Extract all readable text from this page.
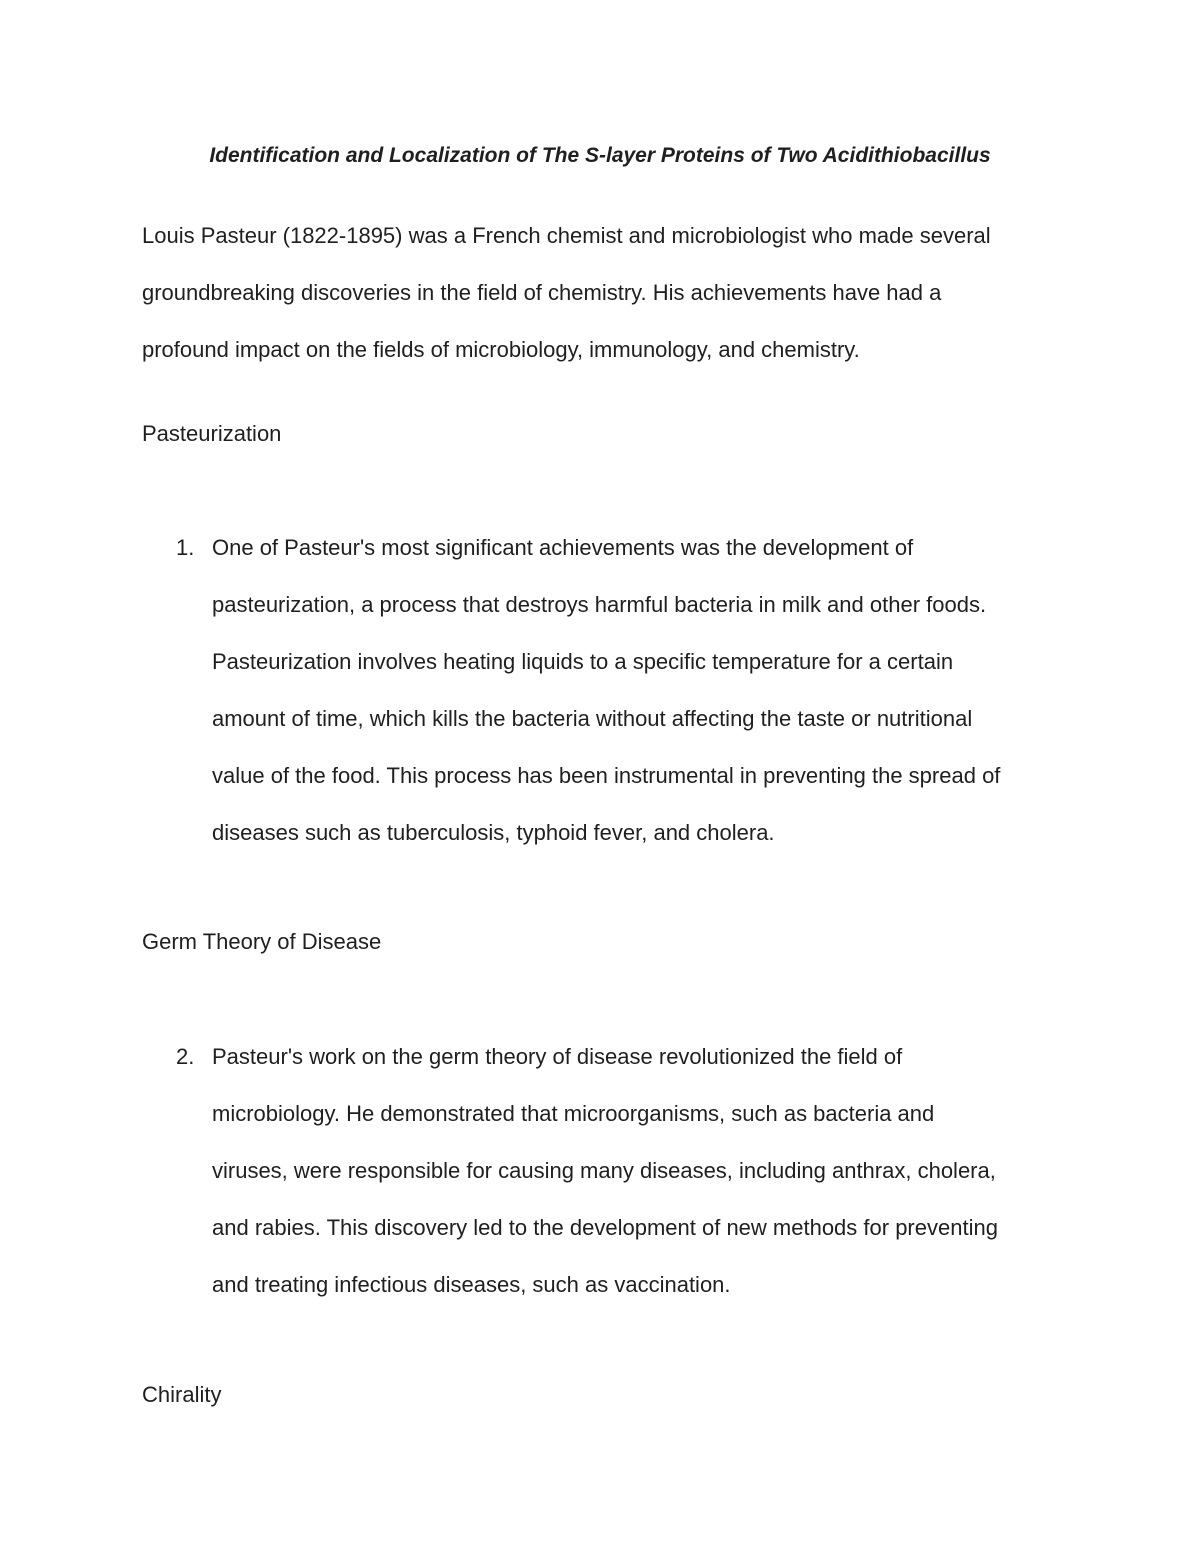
Identification and Localization of The S-layer Proteins of Two Acidithiobacillus
Louis Pasteur (1822-1895) was a French chemist and microbiologist who made several
groundbreaking discoveries in the field of chemistry. His achievements have had a
profound impact on the fields of microbiology, immunology, and chemistry.
Pasteurization
1. One of Pasteur's most significant achievements was the development of
pasteurization, a process that destroys harmful bacteria in milk and other foods.
Pasteurization involves heating liquids to a specific temperature for a certain
amount of time, which kills the bacteria without affecting the taste or nutritional
value of the food. This process has been instrumental in preventing the spread of
diseases such as tuberculosis, typhoid fever, and cholera.
Germ Theory of Disease
2. Pasteur's work on the germ theory of disease revolutionized the field of
microbiology. He demonstrated that microorganisms, such as bacteria and
viruses, were responsible for causing many diseases, including anthrax, cholera,
and rabies. This discovery led to the development of new methods for preventing
and treating infectious diseases, such as vaccination.
Chirality
